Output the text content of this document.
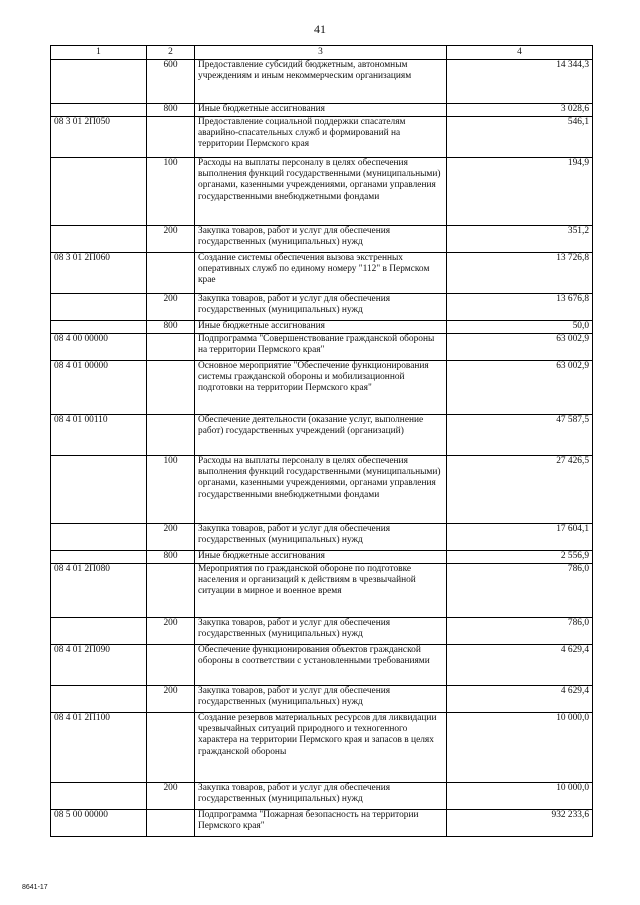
41
1	2	3	4
	600	Предоставление субсидий бюджетным, автономным учреждениям и иным некоммерческим организациям	14 344,3
	800	Иные бюджетные ассигнования	3 028,6
08 3 01 2П050		Предоставление социальной поддержки спасателям аварийно-спасательных служб и формирований на территории Пермского края	546,1
	100	Расходы на выплаты персоналу в целях обеспечения выполнения функций государственными (муниципальными) органами, казенными учреждениями, органами управления государственными внебюджетными фондами	194,9
	200	Закупка товаров, работ и услуг для обеспечения государственных (муниципальных) нужд	351,2
08 3 01 2П060		Создание системы обеспечения вызова экстренных оперативных служб по единому номеру "112" в Пермском крае	13 726,8
	200	Закупка товаров, работ и услуг для обеспечения государственных (муниципальных) нужд	13 676,8
	800	Иные бюджетные ассигнования	50,0
08 4 00 00000		Подпрограмма "Совершенствование гражданской обороны на территории Пермского края"	63 002,9
08 4 01 00000		Основное мероприятие "Обеспечение функционирования системы гражданской обороны и мобилизационной подготовки на территории Пермского края"	63 002,9
08 4 01 00110		Обеспечение деятельности (оказание услуг, выполнение работ) государственных учреждений (организаций)	47 587,5
	100	Расходы на выплаты персоналу в целях обеспечения выполнения функций государственными (муниципальными) органами, казенными учреждениями, органами управления государственными внебюджетными фондами	27 426,5
	200	Закупка товаров, работ и услуг для обеспечения государственных (муниципальных) нужд	17 604,1
	800	Иные бюджетные ассигнования	2 556,9
08 4 01 2П080		Мероприятия по гражданской обороне по подготовке населения и организаций к действиям в чрезвычайной ситуации в мирное и военное время	786,0
	200	Закупка товаров, работ и услуг для обеспечения государственных (муниципальных) нужд	786,0
08 4 01 2П090		Обеспечение функционирования объектов гражданской обороны в соответствии с установленными требованиями	4 629,4
	200	Закупка товаров, работ и услуг для обеспечения государственных (муниципальных) нужд	4 629,4
08 4 01 2П100		Создание резервов материальных ресурсов для ликвидации чрезвычайных ситуаций природного и техногенного характера на территории Пермского края и запасов в целях гражданской обороны	10 000,0
	200	Закупка товаров, работ и услуг для обеспечения государственных (муниципальных) нужд	10 000,0
08 5 00 00000		Подпрограмма "Пожарная безопасность на территории Пермского края"	932 233,6
8641-17
